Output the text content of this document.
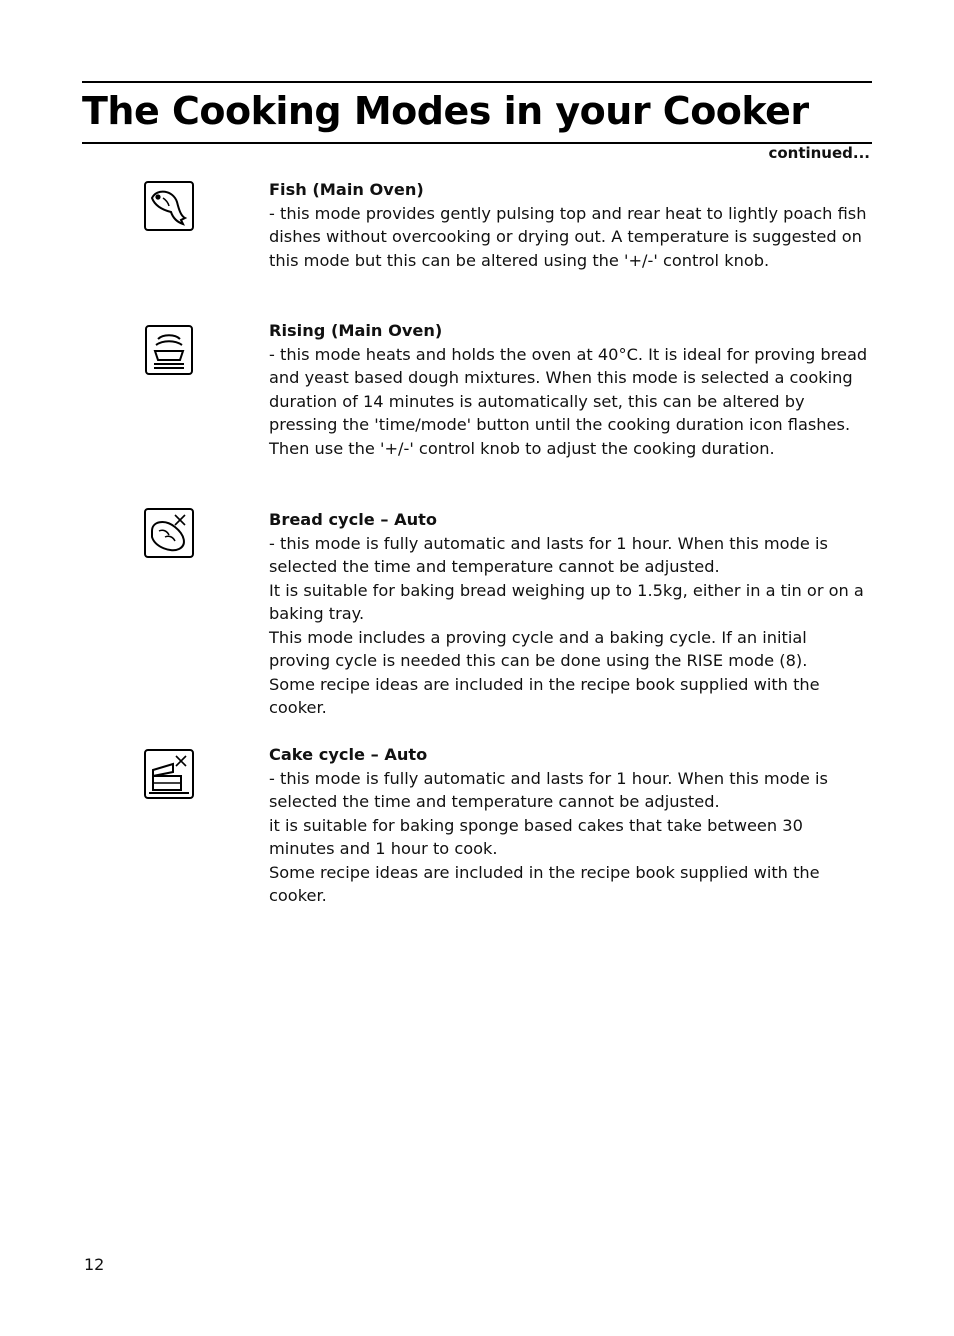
The Cooking Modes in your Cooker
continued...
Fish (Main Oven)

- this mode provides gently pulsing top and rear heat to lightly poach fish dishes without overcooking or drying out. A temperature is suggested on this mode but this can be altered using the '+/-' control knob.

Rising (Main Oven)

- this mode heats and holds the oven at 40°C. It is ideal for proving bread and yeast based dough mixtures. When this mode is selected a cooking duration of 14 minutes is automatically set, this can be altered by pressing the 'time/mode' button until the cooking duration icon flashes. Then use the '+/-' control knob to adjust the cooking duration.

Bread cycle – Auto

- this mode is fully automatic and lasts for 1 hour. When this mode is selected the time and temperature cannot be adjusted.

It is suitable for baking bread weighing up to 1.5kg, either in a tin or on a baking tray.

This mode includes a proving cycle and a baking cycle. If an initial proving cycle is needed this can be done using the RISE mode (8).

Some recipe ideas are included in the recipe book supplied with the cooker.

Cake cycle – Auto

- this mode is fully automatic and lasts for 1 hour. When this mode is selected the time and temperature cannot be adjusted.

it is suitable for baking sponge based cakes that take between 30 minutes and 1 hour to cook.

Some recipe ideas are included in the recipe book supplied with the cooker.

12
